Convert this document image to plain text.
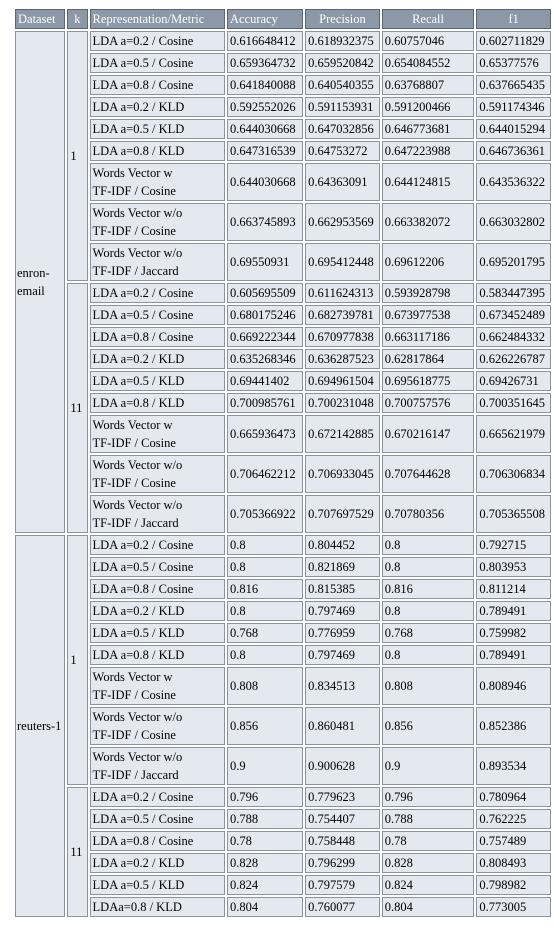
Dataset	k	Representation/Metric	Accuracy	Precision	Recall	f1
enron-
email	1	LDA a=0.2 / Cosine	0.616648412	0.618932375	0.60757046	0.602711829

		LDA a=0.5 / Cosine	0.659364732	0.659520842	0.654084552	0.65377576

		LDA a=0.8 / Cosine	0.641840088	0.640540355	0.63768807	0.637665435

		LDA a=0.2 / KLD	0.592552026	0.591153931	0.591200466	0.591174346

		LDA a=0.5 / KLD	0.644030668	0.647032856	0.646773681	0.644015294

		LDA a=0.8 / KLD	0.647316539	0.64753272	0.647223988	0.646736361

		Words Vector w
TF-IDF / Cosine	0.644030668	0.64363091	0.644124815	0.643536322

		Words Vector w/o
TF-IDF / Cosine	0.663745893	0.662953569	0.663382072	0.663032802

		Words Vector w/o
TF-IDF / Jaccard	0.69550931	0.695412448	0.69612206	0.695201795
	11	LDA a=0.2 / Cosine	0.605695509	0.611624313	0.593928798	0.583447395

		LDA a=0.5 / Cosine	0.680175246	0.682739781	0.673977538	0.673452489

		LDA a=0.8 / Cosine	0.669222344	0.670977838	0.663117186	0.662484332

		LDA a=0.2 / KLD	0.635268346	0.636287523	0.62817864	0.626226787

		LDA a=0.5 / KLD	0.69441402	0.694961504	0.695618775	0.69426731

		LDA a=0.8 / KLD	0.700985761	0.700231048	0.700757576	0.700351645

		Words Vector w
TF-IDF / Cosine	0.665936473	0.672142885	0.670216147	0.665621979

		Words Vector w/o
TF-IDF / Cosine	0.706462212	0.706933045	0.707644628	0.706306834

		Words Vector w/o
TF-IDF / Jaccard	0.705366922	0.707697529	0.70780356	0.705365508
reuters-1	1	LDA a=0.2 / Cosine	0.8	0.804452	0.8	0.792715

		LDA a=0.5 / Cosine	0.8	0.821869	0.8	0.803953

		LDA a=0.8 / Cosine	0.816	0.815385	0.816	0.811214

		LDA a=0.2 / KLD	0.8	0.797469	0.8	0.789491

		LDA a=0.5 / KLD	0.768	0.776959	0.768	0.759982

		LDA a=0.8 / KLD	0.8	0.797469	0.8	0.789491

		Words Vector w
TF-IDF / Cosine	0.808	0.834513	0.808	0.808946

		Words Vector w/o
TF-IDF / Cosine	0.856	0.860481	0.856	0.852386

		Words Vector w/o
TF-IDF / Jaccard	0.9	0.900628	0.9	0.893534
	11	LDA a=0.2 / Cosine	0.796	0.779623	0.796	0.780964

		LDA a=0.5 / Cosine	0.788	0.754407	0.788	0.762225

		LDA a=0.8 / Cosine	0.78	0.758448	0.78	0.757489

		LDA a=0.2 / KLD	0.828	0.796299	0.828	0.808493

		LDA a=0.5 / KLD	0.824	0.797579	0.824	0.798982

		LDAa=0.8 / KLD	0.804	0.760077	0.804	0.773005
